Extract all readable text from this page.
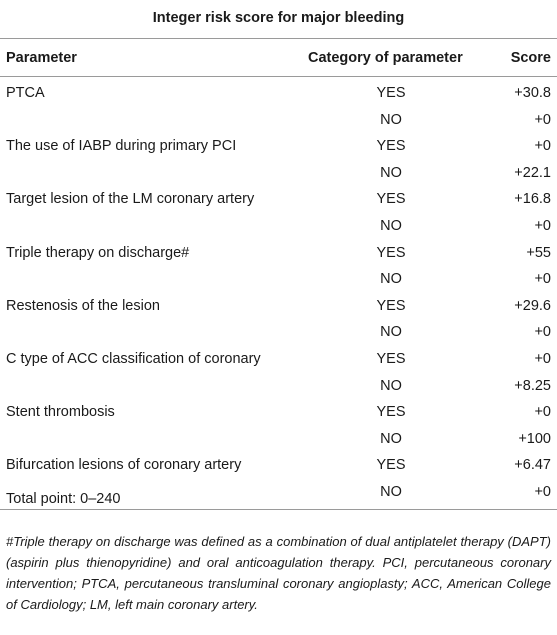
Integer risk score for major bleeding
Parameter	Category of parameter	Score
PTCA	YES	+30.8
NO	+0
The use of IABP during primary PCI	YES	+0
NO	+22.1
Target lesion of the LM coronary artery	YES	+16.8
NO	+0
Triple therapy on discharge#	YES	+55
NO	+0
Restenosis of the lesion	YES	+29.6
NO	+0
C type of ACC classification of coronary	YES	+0
NO	+8.25
Stent thrombosis	YES	+0
NO	+100
Bifurcation lesions of coronary artery	YES	+6.47
NO	+0
Total point: 0–240
#Triple therapy on discharge was defined as a combination of dual antiplatelet therapy (DAPT) (aspirin plus thienopyridine) and oral anticoagulation therapy. PCI, percutaneous coronary intervention; PTCA, percutaneous transluminal coronary angioplasty; ACC, American College of Cardiology; LM, left main coronary artery.
